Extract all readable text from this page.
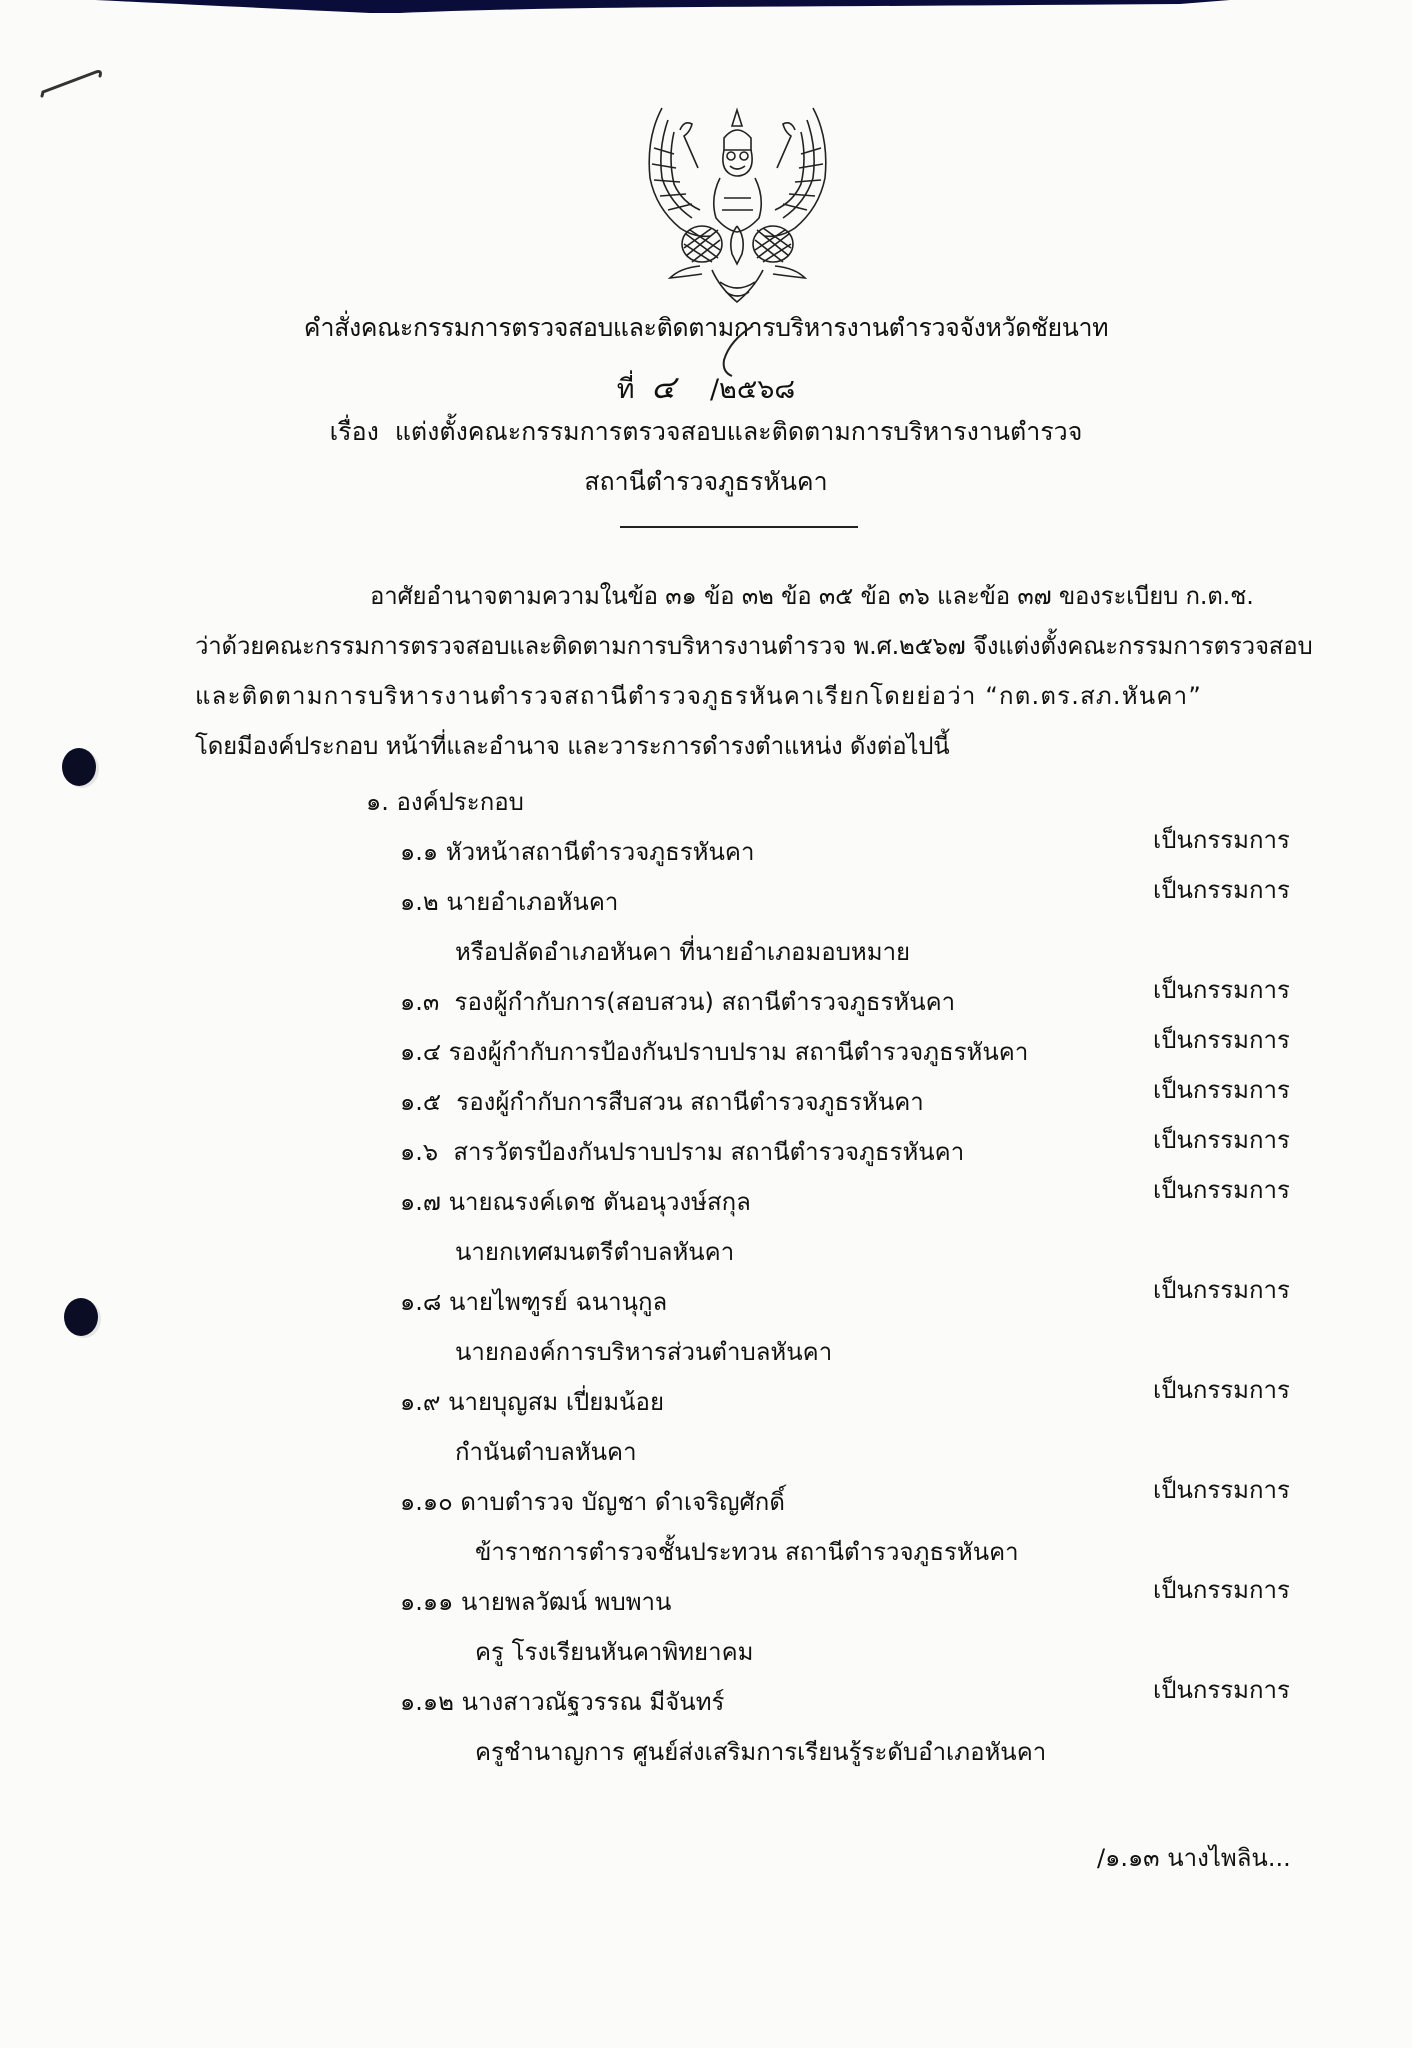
คำสั่งคณะกรรมการตรวจสอบและติดตามการบริหารงานตำรวจจังหวัดชัยนาท
ที่ ๔ /๒๕๖๘
เรื่อง แต่งตั้งคณะกรรมการตรวจสอบและติดตามการบริหารงานตำรวจ
สถานีตำรวจภูธรหันคา
อาศัยอำนาจตามความในข้อ ๓๑ ข้อ ๓๒ ข้อ ๓๕ ข้อ ๓๖ และข้อ ๓๗ ของระเบียบ ก.ต.ช.
ว่าด้วยคณะกรรมการตรวจสอบและติดตามการบริหารงานตำรวจ พ.ศ.๒๕๖๗ จึงแต่งตั้งคณะกรรมการตรวจสอบ
และติดตามการบริหารงานตำรวจสถานีตำรวจภูธรหันคาเรียกโดยย่อว่า “กต.ตร.สภ.หันคา”
โดยมีองค์ประกอบ หน้าที่และอำนาจ และวาระการดำรงตำแหน่ง ดังต่อไปนี้
๑. องค์ประกอบ
๑.๑ หัวหน้าสถานีตำรวจภูธรหันคา	เป็นกรรมการ
๑.๒ นายอำเภอหันคา	เป็นกรรมการ
หรือปลัดอำเภอหันคา ที่นายอำเภอมอบหมาย
๑.๓ รองผู้กำกับการ(สอบสวน) สถานีตำรวจภูธรหันคา	เป็นกรรมการ
๑.๔ รองผู้กำกับการป้องกันปราบปราม สถานีตำรวจภูธรหันคา	เป็นกรรมการ
๑.๕ รองผู้กำกับการสืบสวน สถานีตำรวจภูธรหันคา	เป็นกรรมการ
๑.๖ สารวัตรป้องกันปราบปราม สถานีตำรวจภูธรหันคา	เป็นกรรมการ
๑.๗ นายณรงค์เดช ตันอนุวงษ์สกุล	เป็นกรรมการ
นายกเทศมนตรีตำบลหันคา
๑.๘ นายไพฑูรย์ ฉนานุกูล	เป็นกรรมการ
นายกองค์การบริหารส่วนตำบลหันคา
๑.๙ นายบุญสม เปี่ยมน้อย	เป็นกรรมการ
กำนันตำบลหันคา
๑.๑๐ ดาบตำรวจ บัญชา ดำเจริญศักดิ์	เป็นกรรมการ
ข้าราชการตำรวจชั้นประทวน สถานีตำรวจภูธรหันคา
๑.๑๑ นายพลวัฒน์ พบพาน	เป็นกรรมการ
ครู โรงเรียนหันคาพิทยาคม
๑.๑๒ นางสาวณัฐวรรณ มีจันทร์	เป็นกรรมการ
ครูชำนาญการ ศูนย์ส่งเสริมการเรียนรู้ระดับอำเภอหันคา
/๑.๑๓ นางไพลิน...
